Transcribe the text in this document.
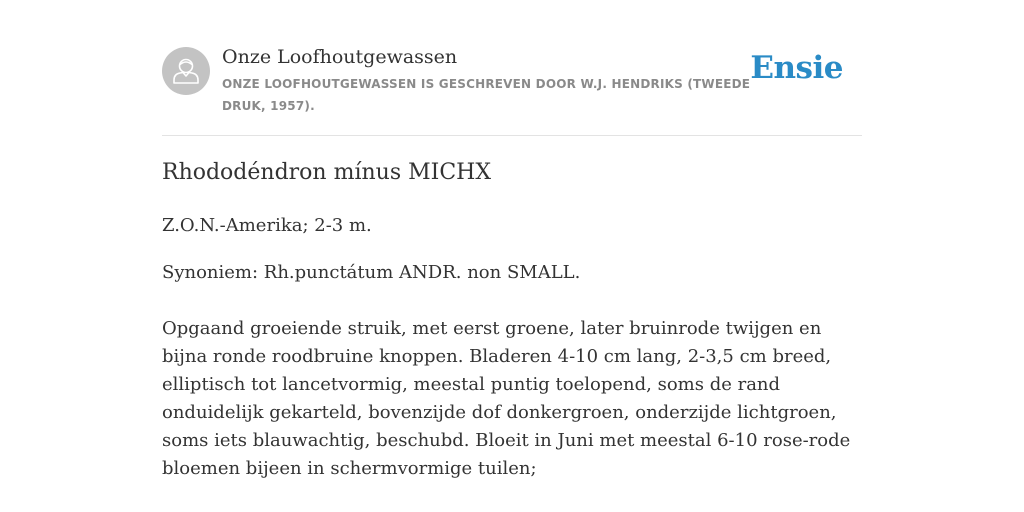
Onze Loofhoutgewassen
ONZE LOOFHOUTGEWASSEN IS GESCHREVEN DOOR W.J. HENDRIKS (TWEEDE DRUK, 1957).
Ensie
Rhododéndron mínus MICHX

Z.O.N.-Amerika; 2-3 m.

Synoniem: Rh.punctátum ANDR. non SMALL.

Opgaand groeiende struik, met eerst groene, later bruinrode twijgen en bijna ronde roodbruine knoppen. Bladeren 4-10 cm lang, 2-3,5 cm breed, elliptisch tot lancetvormig, meestal puntig toelopend, soms de rand onduidelijk gekarteld, bovenzijde dof donkergroen, onderzijde lichtgroen, soms iets blauwachtig, beschubd. Bloeit in Juni met meestal 6-10 rose-rode bloemen bijeen in schermvormige tuilen;
